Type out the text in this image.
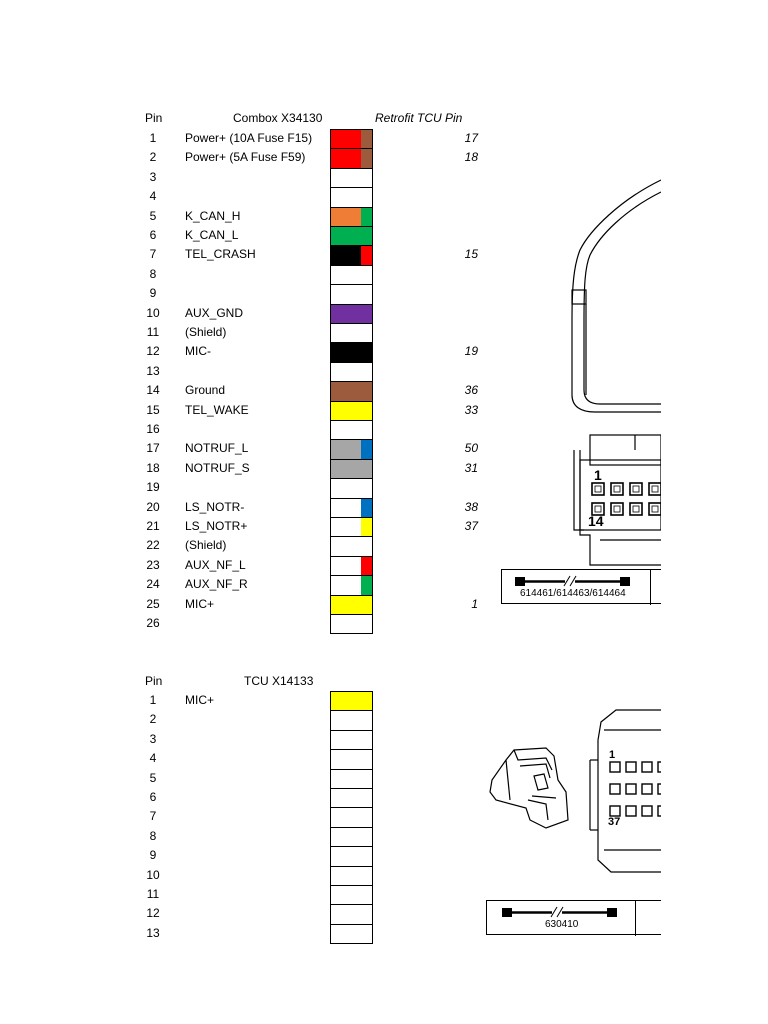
Pin	Combox X34130	Retrofit TCU Pin
1	Power+ (10A Fuse F15)	17
2	Power+ (5A Fuse F59)	18
3
4
5	K_CAN_H
6	K_CAN_L
7	TEL_CRASH	15
8
9
10	AUX_GND
11	(Shield)
12	MIC-	19
13
14	Ground	36
15	TEL_WAKE	33
16
17	NOTRUF_L	50
18	NOTRUF_S	31
19
20	LS_NOTR-	38
21	LS_NOTR+	37
22	(Shield)
23	AUX_NF_L
24	AUX_NF_R
25	MIC+	1
26
Pin	TCU X14133
1	MIC+
2
3
4
5
6
7
8
9
10
11
12
13
1
14
614461/614463/614464
1
37
630410
